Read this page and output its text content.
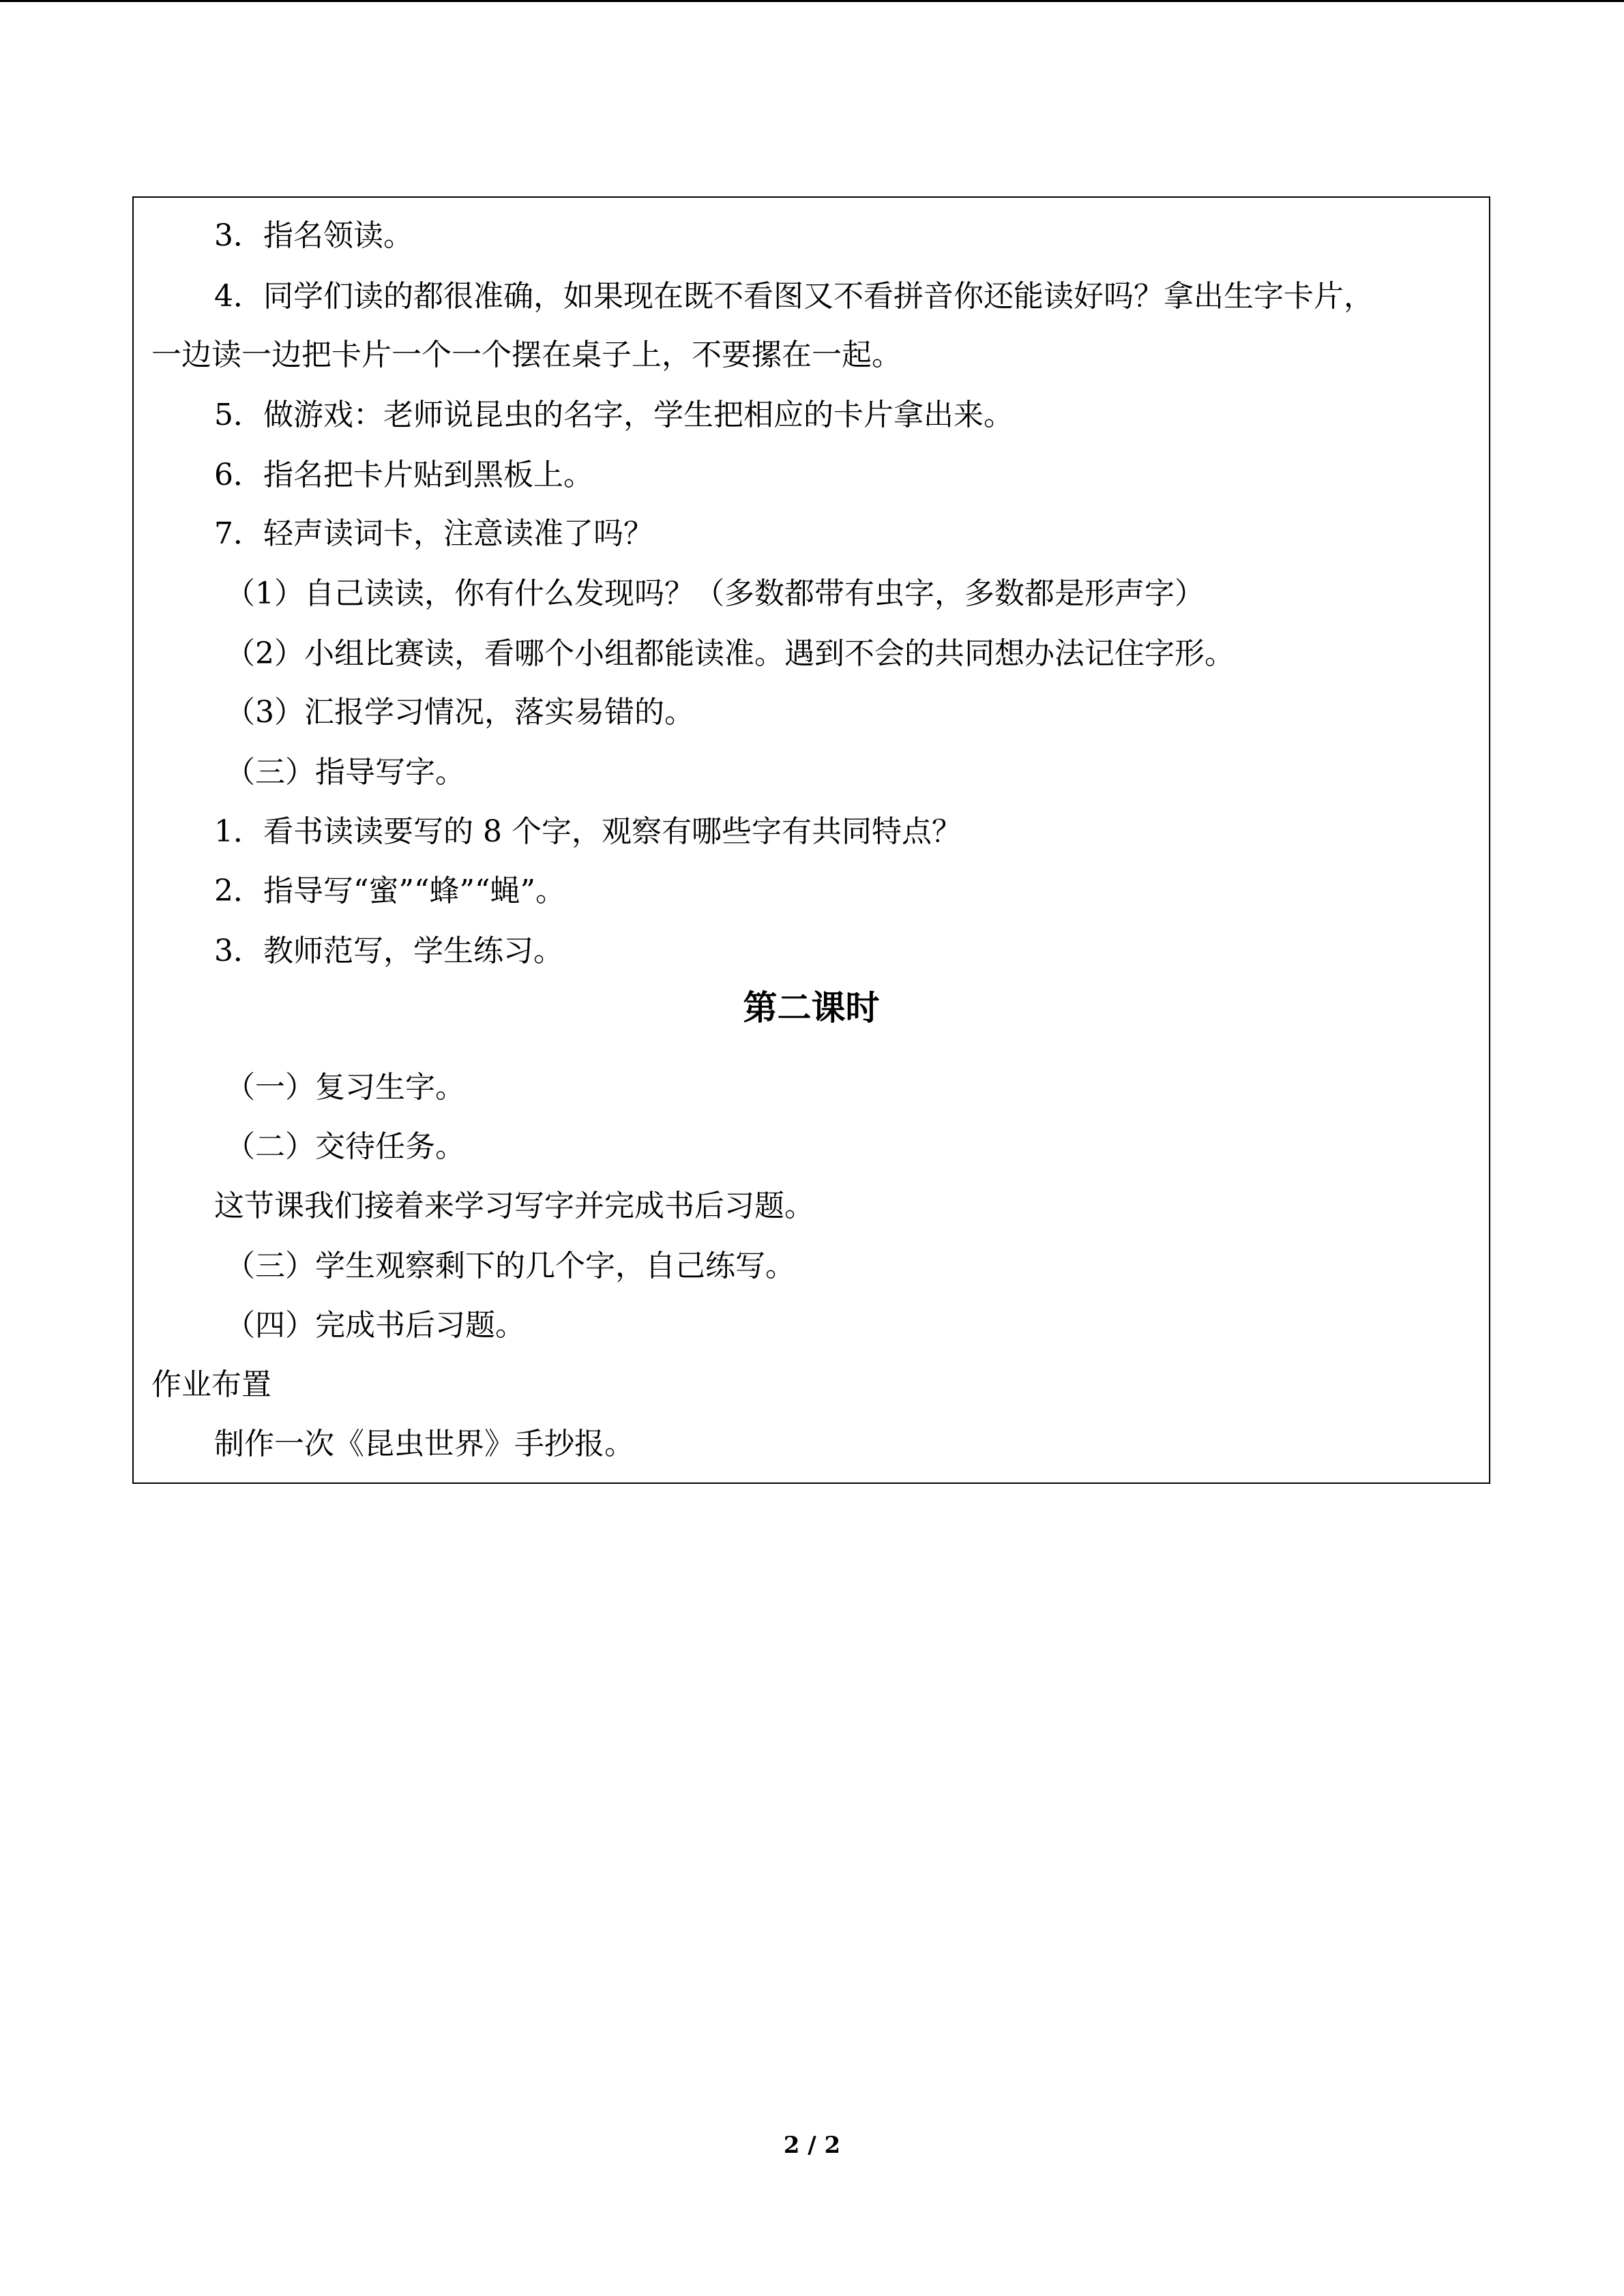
3．指名领读。
4．同学们读的都很准确，如果现在既不看图又不看拼音你还能读好吗？拿出生字卡片，
一边读一边把卡片一个一个摆在桌子上，不要摞在一起。
5．做游戏：老师说昆虫的名字，学生把相应的卡片拿出来。
6．指名把卡片贴到黑板上。
7．轻声读词卡，注意读准了吗？
（1）自己读读，你有什么发现吗？（多数都带有虫字，多数都是形声字）
（2）小组比赛读，看哪个小组都能读准。遇到不会的共同想办法记住字形。
（3）汇报学习情况，落实易错的。
（三）指导写字。
1．看书读读要写的 8 个字，观察有哪些字有共同特点？
2．指导写“蜜”“蜂”“蝇”。
3．教师范写，学生练习。
第二课时
（一）复习生字。
（二）交待任务。
这节课我们接着来学习写字并完成书后习题。
（三）学生观察剩下的几个字，自己练写。
（四）完成书后习题。
作业布置
制作一次《昆虫世界》手抄报。
2 / 2
